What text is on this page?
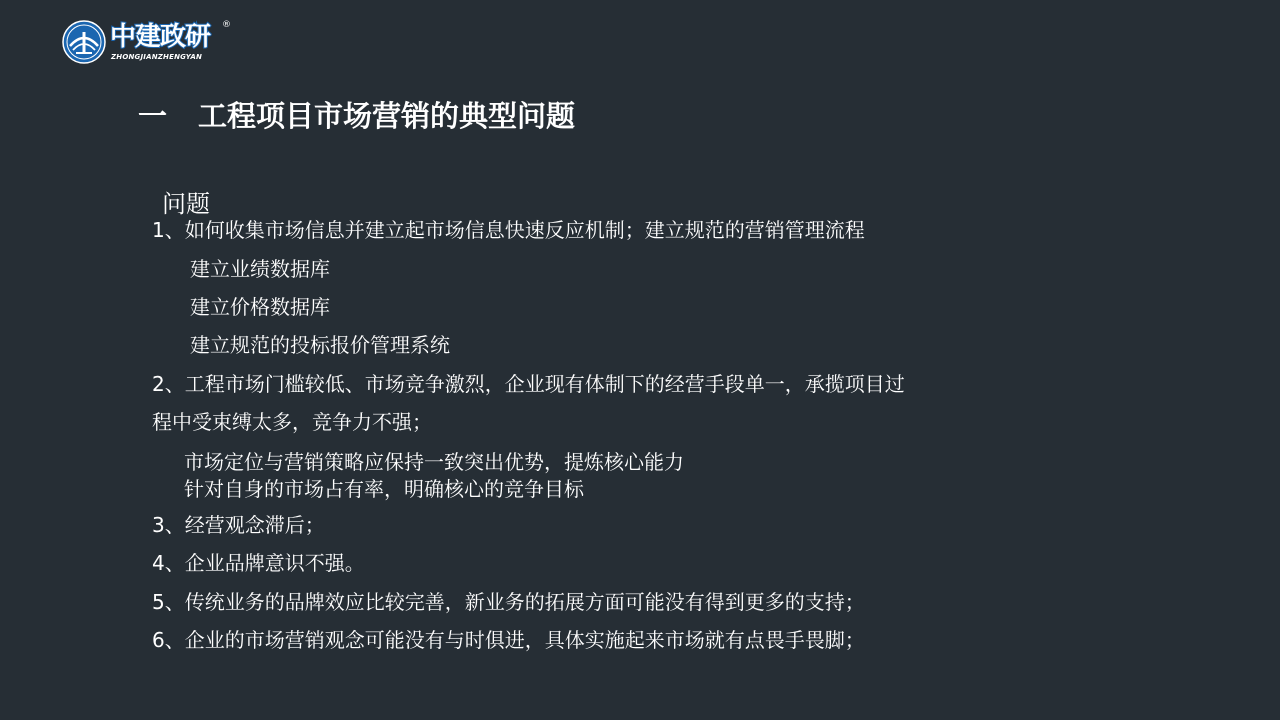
中建政研 ®
ZHONGJIANZHENGYAN
一 工程项目市场营销的典型问题
问题
1、如何收集市场信息并建立起市场信息快速反应机制；建立规范的营销管理流程
建立业绩数据库
建立价格数据库
建立规范的投标报价管理系统
2、工程市场门槛较低、市场竞争激烈，企业现有体制下的经营手段单一，承揽项目过
程中受束缚太多，竞争力不强；
市场定位与营销策略应保持一致突出优势，提炼核心能力
针对自身的市场占有率，明确核心的竞争目标
3、经营观念滞后；
4、企业品牌意识不强。
5、传统业务的品牌效应比较完善，新业务的拓展方面可能没有得到更多的支持；
6、企业的市场营销观念可能没有与时俱进，具体实施起来市场就有点畏手畏脚；
